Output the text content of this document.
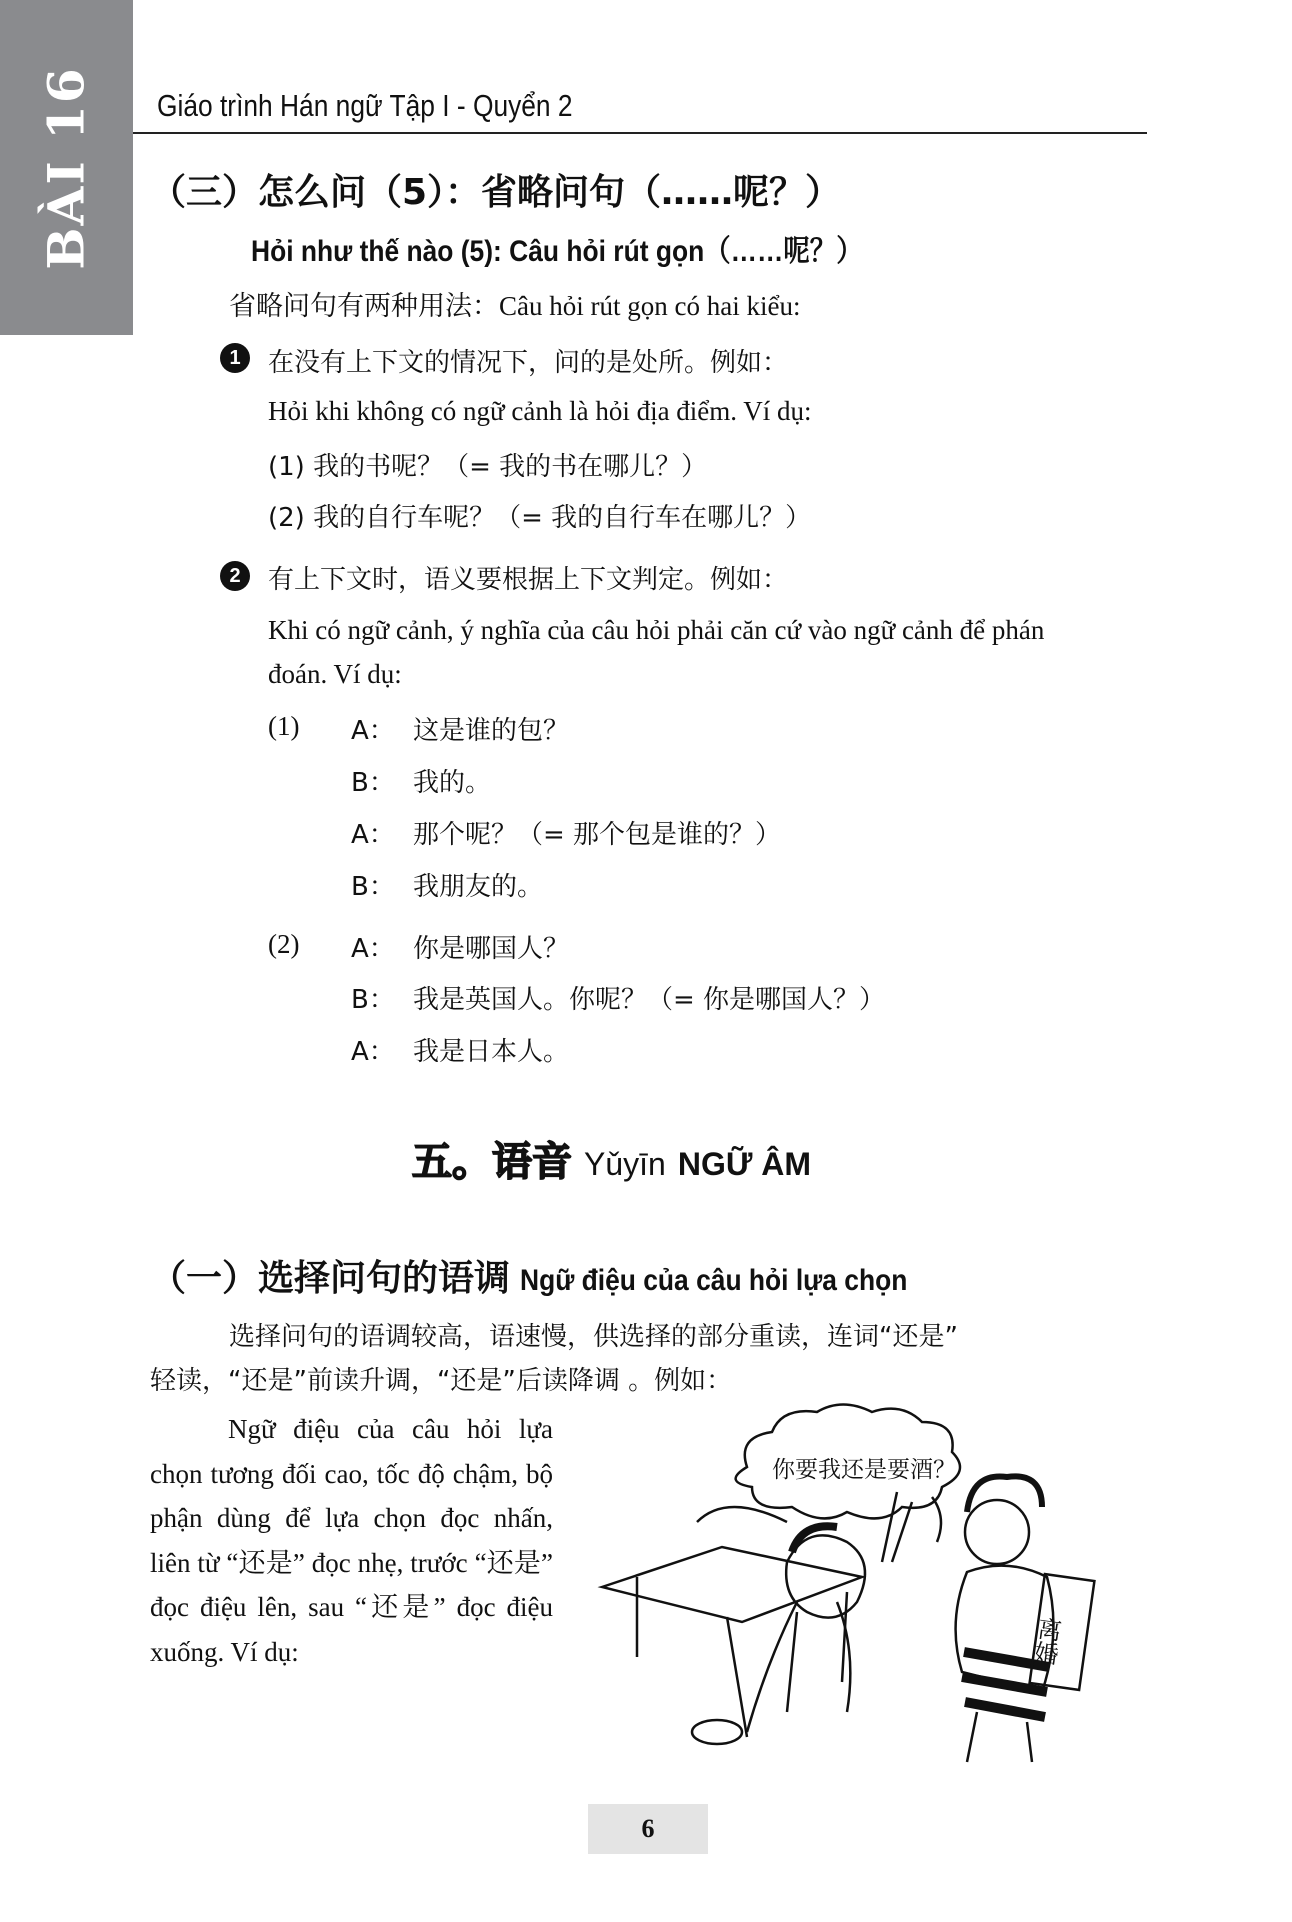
BÀI 16 Giáo trình Hán ngữ Tập I - Quyển 2
（三）怎么问（5）：省略问句（……呢？）
Hỏi như thế nào (5): Câu hỏi rút gọn（……呢？）
省略问句有两种用法：Câu hỏi rút gọn có hai kiểu:
1	在没有上下文的情况下，问的是处所。例如：
Hỏi khi không có ngữ cảnh là hỏi địa điểm. Ví dụ:
(1) 我的书呢？（= 我的书在哪儿？）
(2) 我的自行车呢？（= 我的自行车在哪儿？）
2	有上下文时，语义要根据上下文判定。例如：
Khi có ngữ cảnh, ý nghĩa của câu hỏi phải căn cứ vào ngữ cảnh để phán
đoán. Ví dụ:
(1) A： 这是谁的包？
B： 我的。
A： 那个呢？（= 那个包是谁的？）
B： 我朋友的。
(2) A： 你是哪国人？
B： 我是英国人。你呢？（= 你是哪国人？）
A： 我是日本人。
五。语音 Yǔyīn NGỮ ÂM
（一）选择问句的语调 Ngữ điệu của câu hỏi lựa chọn
选择问句的语调较高，语速慢，供选择的部分重读，连词“还是”
轻读，“还是”前读升调，“还是”后读降调 。例如：

Ngữ điệu của câu hỏi lựa chọn tương đối cao, tốc độ chậm, bộ phận dùng để lựa chọn đọc nhấn, liên từ “还是” đọc nhẹ, trước “还是” đọc điệu lên, sau “还是” đọc điệu xuống. Ví dụ:

你要我还是要酒？
离婚
6
